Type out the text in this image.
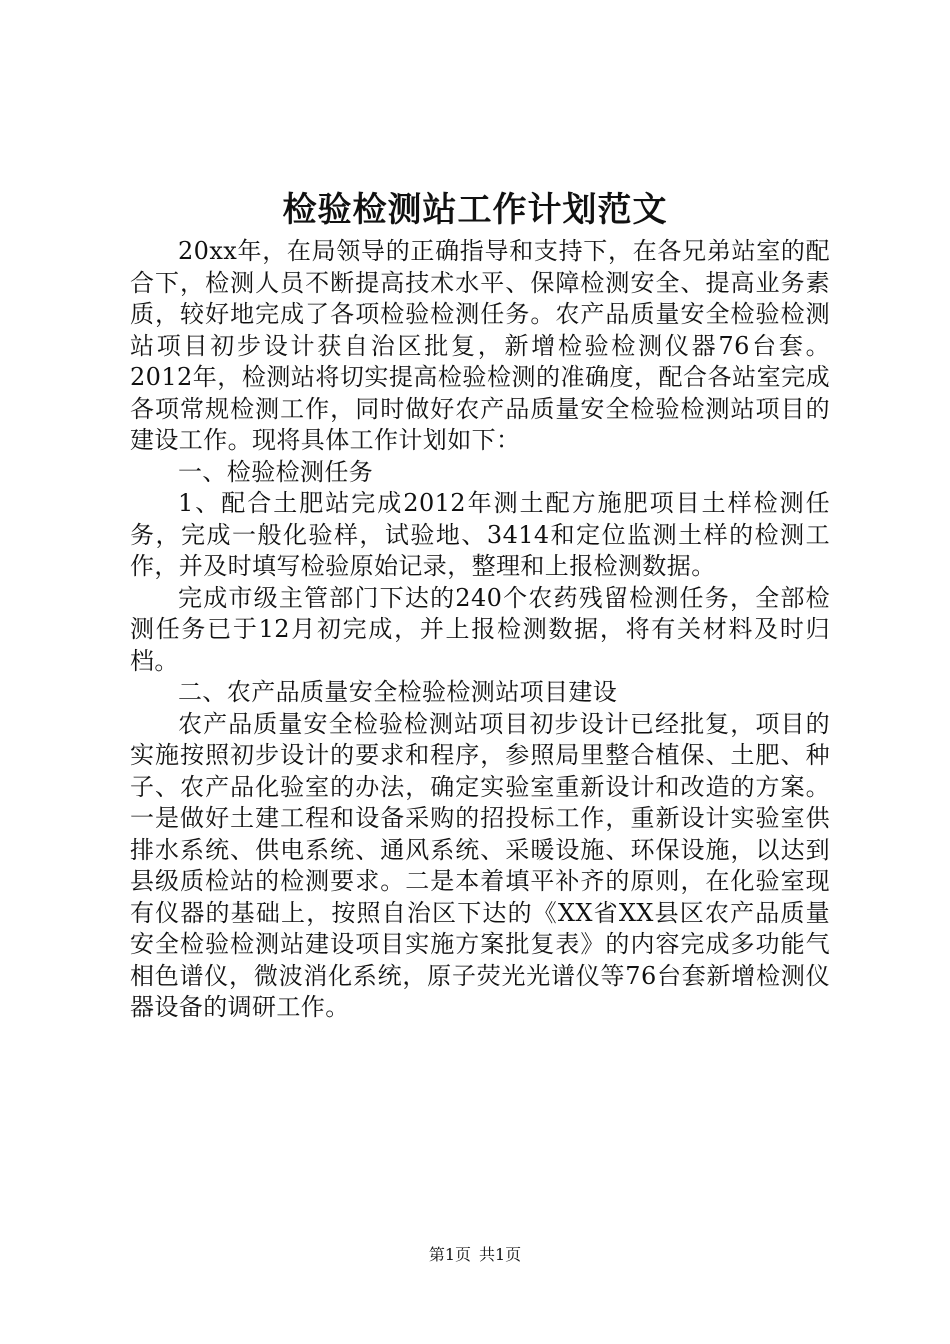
检验检测站工作计划范文

20xx年，在局领导的正确指导和支持下，在各兄弟站室的配合下，检测人员不断提高技术水平、保障检测安全、提高业务素质，较好地完成了各项检验检测任务。农产品质量安全检验检测站项目初步设计获自治区批复，新增检验检测仪器76台套。2012年，检测站将切实提高检验检测的准确度，配合各站室完成各项常规检测工作，同时做好农产品质量安全检验检测站项目的建设工作。现将具体工作计划如下：

一、检验检测任务

1、配合土肥站完成2012年测土配方施肥项目土样检测任务，完成一般化验样，试验地、3414和定位监测土样的检测工作，并及时填写检验原始记录，整理和上报检测数据。

完成市级主管部门下达的240个农药残留检测任务，全部检测任务已于12月初完成，并上报检测数据，将有关材料及时归档。

二、农产品质量安全检验检测站项目建设

农产品质量安全检验检测站项目初步设计已经批复，项目的实施按照初步设计的要求和程序，参照局里整合植保、土肥、种子、农产品化验室的办法，确定实验室重新设计和改造的方案。一是做好土建工程和设备采购的招投标工作，重新设计实验室供排水系统、供电系统、通风系统、采暖设施、环保设施，以达到县级质检站的检测要求。二是本着填平补齐的原则，在化验室现有仪器的基础上，按照自治区下达的《XX省XX县区农产品质量安全检验检测站建设项目实施方案批复表》的内容完成多功能气相色谱仪，微波消化系统，原子荧光光谱仪等76台套新增检测仪器设备的调研工作。

第1页 共1页
